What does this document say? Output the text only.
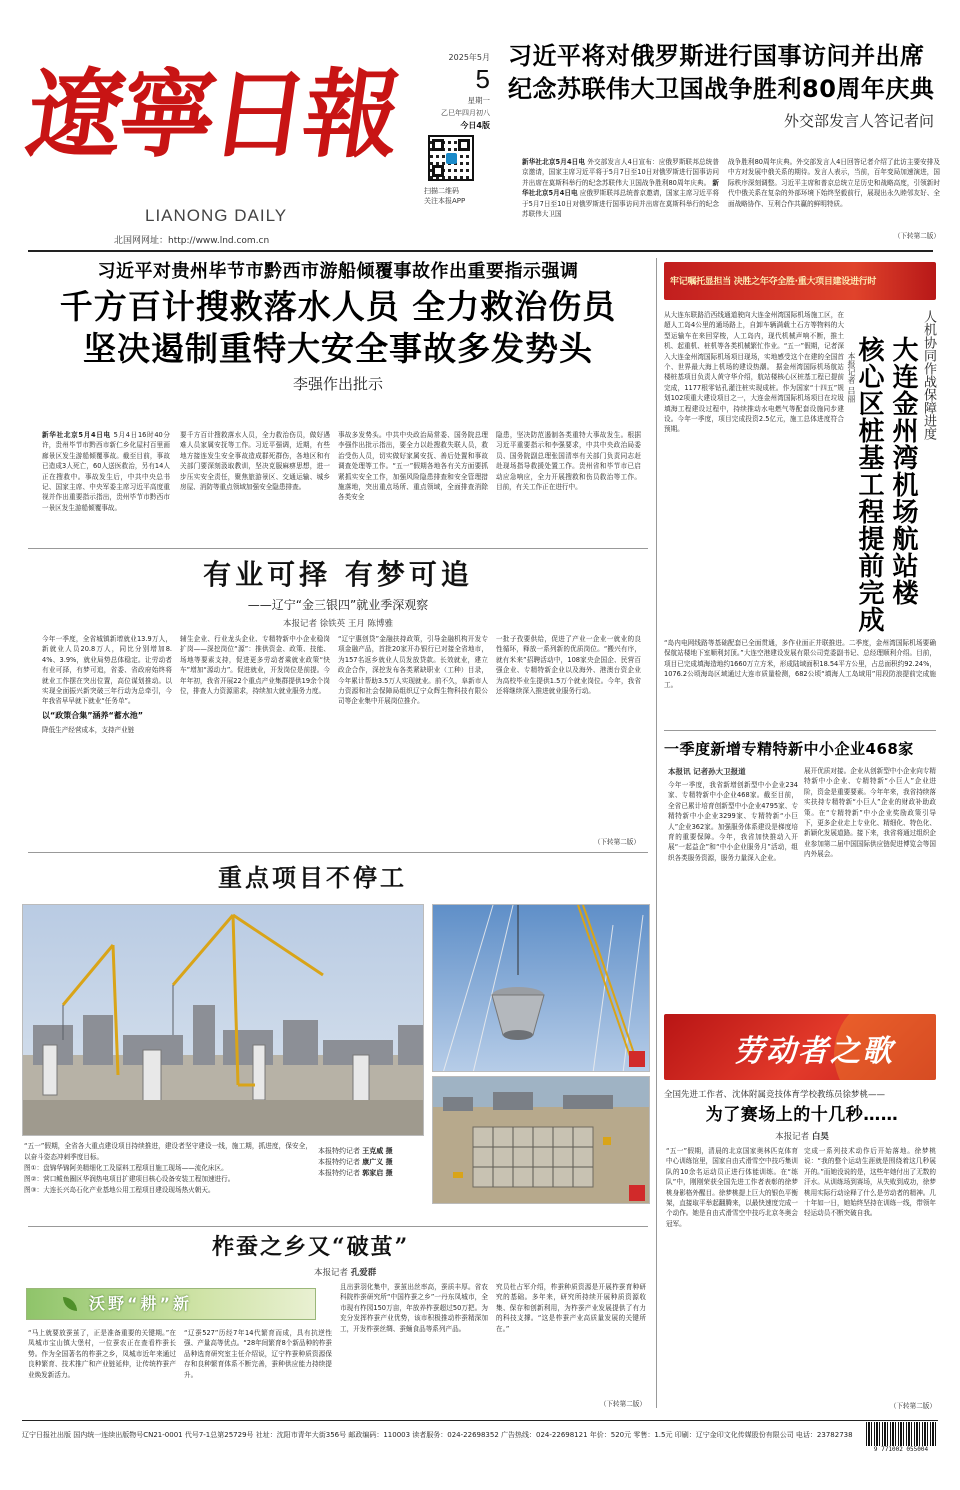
遼寧日報
LIANONG DAILY
北国网网址：http://www.lnd.com.cn
2025年5月
5
星期一
乙巳年四月初八
今日4版
扫描二维码
关注本报APP
习近平将对俄罗斯进行国事访问并出席
纪念苏联伟大卫国战争胜利80周年庆典
外交部发言人答记者问
新华社北京5月4日电 外交部发言人4日宣布：应俄罗斯联邦总统普京邀请，国家主席习近平将于5月7日至10日对俄罗斯进行国事访问并出席在莫斯科举行的纪念苏联伟大卫国战争胜利80周年庆典。 新华社北京5月4日电 应俄罗斯联邦总统普京邀请，国家主席习近平将于5月7日至10日对俄罗斯进行国事访问并出席在莫斯科举行的纪念苏联伟大卫国
战争胜利80周年庆典。外交部发言人4日回答记者介绍了此访主要安排及中方对发展中俄关系的期待。发言人表示，当前，百年变局加速演进，国际秩序深刻调整。习近平主席和普京总统立足历史和战略高度，引领新时代中俄关系在复杂的外部环境下始终坚毅前行，展现出永久睦邻友好、全面战略协作、互利合作共赢的鲜明特质。
（下转第二版）
习近平对贵州毕节市黔西市游船倾覆事故作出重要指示强调
千方百计搜救落水人员 全力救治伤员
坚决遏制重特大安全事故多发势头
李强作出批示
新华社北京5月4日电 5月4日16时40分许，贵州毕节市黔西市新仁乡化屋村百里画廊景区发生游船倾覆事故。截至目前，事故已造成3人死亡，60人送医救治，另有14人正在搜救中。事故发生后，中共中央总书记、国家主席、中央军委主席习近平高度重视并作出重要指示指出，贵州毕节市黔西市一景区发生游船倾覆事故。
要千方百计搜救落水人员，全力救治伤员，做好遇难人员家属安抚等工作。习近平强调，近期，有些地方接连发生安全事故造成群死群伤，各地区和有关部门要深刻汲取教训，坚决克服麻痹思想，进一步压实安全责任，聚焦旅游景区、交通运输、城乡房屋、消防等重点领域加强安全隐患排查。
事故多发势头。中共中央政治局常委、国务院总理李强作出批示指出，要全力以赴搜救失联人员，救治受伤人员，切实做好家属安抚、善后处置和事故调查处理等工作。“五一”假期各地各有关方面要抓紧抓实安全工作，加强风险隐患排查和安全管理措施落地，突出重点场所、重点领域，全面排查消除各类安全
隐患，坚决防范遏制各类重特大事故发生。根据习近平重要指示和李强要求，中共中央政治局委员、国务院副总理张国清率有关部门负责同志赶赴现场指导救援处置工作。贵州省和毕节市已启动应急响应，全力开展搜救和伤员救治等工作。目前，有关工作正在进行中。
有业可择 有梦可追
——辽宁“金三银四”就业季深观察
本报记者 徐铁英 王月 陈博雅
今年一季度，全省城镇新增就业13.9万人，新就业人员20.8万人，同比分别增加8.4%、3.9%，就业局势总体稳定。让劳动者有业可择，有梦可追，省委、省政府始终将就业工作摆在突出位置，高位谋划推动。以实现全面振兴新突破三年行动为总牵引，今年我省早早就下就业“任务单”。
以“政策合集”涵养“蓄水池”
降低生产经营成本，支持产业链
辅生企业、行业龙头企业、专精特新中小企业稳岗扩岗——深挖岗位“源”：推供资金、政策、技能、场地等要素支持，促进更多劳动者乘就业政策“快车”增加“源动力”。促进就业，开发岗位是前提。今年年初，我省开展22个重点产业集群提供19余个岗位，排查人力资源需求，持续加大就业服务力度。
“辽宁惠创贷”金融扶持政策，引导金融机构开发专项金融产品，首批20家开办银行已对接全省地市，为157名返乡就业人员发放贷款。长效就业，建立政企合作，深挖发布各类紧缺职业（工种）目录，今年累计帮助3.5万人实现就业。前不久，阜新市人力资源和社会保障局组织辽宁众辉生物科技有限公司等企业集中开展岗位推介。
一批子孜要供给，促进了产业一企业一就业的良性循环，释放一系列新的优质岗位。“搬兴有序，就有米来”招聘活动中，108家央企国企、民营百强企业、专精特新企业以及海外、港澳台资企业为高校毕业生提供1.5万个就业岗位。今年，我省还将继续深入推进就业服务行动。
（下转第二版）
重点项目不停工
“五一”假期，全省各大重点建设项目持续推进，建设者坚守建设一线，施工期，抓进度，保安全，以奋斗姿态冲刺季度目标。
图①：盘锦华锦阿美精细化工及原料工程项目施工现场——流化床区。
图②：营口鲅鱼圈区华润热电项目扩建项目核心设备安装工程加速进行。
图③：大连长兴岛石化产业基地公用工程项目建设现场热火朝天。
本报特约记者 王克威 摄
本报特约记者 康广义 摄
本报特约记者 郭家启 摄
柞蚕之乡又“破茧”
本报记者 孔爱群
沃野“耕”新
“马上就要放蚕茧了，正是准备重要的关键期。”在凤城市宝山镇大堡村，一位蚕农正在查看柞蚕长势。作为全国著名的柞蚕之乡，凤城市近年来通过良种繁育、技术推广和产业链延伸，让传统柞蚕产业焕发新活力。
“辽蚕527”历经7年14代繁育而成，具有抗逆性强、产量高等优点。“28年间繁育8个新品种的柞蚕品种选育研究室主任介绍说，辽宁柞蚕种质资源保存和良种繁育体系不断完善，蚕种供应能力持续提升。
且出蚕羽化集中，蚕茧出丝率高，蚕质丰厚。省农科院柞蚕研究所“中国柞蚕之乡”一丹东凤城市，全市现有柞园150万亩，年放养柞蚕超过50万把。为充分发挥柞蚕产业优势，该市积极推动柞蚕精深加工，开发柞蚕丝绸、蚕蛹食品等系列产品。
究员杜占军介绍，柞蚕种质资源是开展柞蚕育种研究的基础。多年来，研究所持续开展种质资源收集、保存和创新利用，为柞蚕产业发展提供了有力的科技支撑。“这是柞蚕产业高质量发展的关键所在。”
（下转第二版）
牢记嘱托显担当 决胜之年夺全胜·重大项目建设进行时
从大连东联路沿西线通道驶向大连金州湾国际机场施工区，在超人工岛4公里的通场路上，自卸车辆满载土石方等物料的大型运输车在来回穿梭，人工岛内，现代机械声响不断，推土机、起重机、桩机等各类机械繁忙作业。“五一”假期，记者深入大连金州湾国际机场项目现场，实地感受这个在建的全国首个、世界最大海上机场的建设热潮。 据金州湾国际机场航站楼桩基项目负责人黄守华介绍，航站楼核心区桩基工程已提前完成，1177根零钻孔灌注桩实现成桩。作为国家“十四五”规划102项重大建设项目之一，大连金州湾国际机场项目在垃圾填海工程建设过程中，持续推动水电燃气等配套设施同步建设。今年一季度，项目完成投资2.5亿元，施工总体进度符合预期。	人机协同作战保障进度
大连金州湾机场航站楼
核心区桩基工程提前完成
本报记者 吕丽
“岛内电网线路等基础配套已全面贯通，多作业面正并联推进。二季度，金州湾国际机场要确保航站楼地下室顺利封顶。”大连空港建设发展有限公司党委副书记、总经理顺利介绍。目前，项目已完成填海造地约1660万立方米，形成陆域面积18.54平方公里，占总面积约92.24%，1076.2公顷海岛区域通过大连市质量检测，682公顷“填海人工岛域用”用段防浪提前完成施工。
一季度新增专精特新中小企业468家
本报讯 记者孙大卫报道
今年一季度，我省新增创新型中小企业234家、专精特新中小企业468家。截至目前，全省已累计培育创新型中小企业4795家、专精特新中小企业3299家、专精特新“小巨人”企业362家。加强服务体系建设是梯度培育的重要保障。今年，我省加快推动入开展“一起益企”和“中小企业服务月”活动，组织各类服务资源，服务力量深入企业。
展开优质对接。企业从创新型中小企业向专精特新中小企业、专精特新“小巨人”企业进阶，资金是重要要素。今年年来，我省持续落实扶持专精特新“小巨人”企业的财政补助政策。在“专精特新”中小企业奖励政策引导下，更多企业走上专业化、精细化、特色化、新颖化发展道路。接下来，我省将通过组织企业参加第二届中国国际供应链促进博览会等国内外展会。
劳动者之歌
全国先进工作者、沈体附属竞技体育学校教练员徐梦桃——
为了赛场上的十几秒……
本报记者 白昊
“五一”假期，清晨的北京国家奥林匹克体育中心训练馆里，国家自由式滑雪空中技巧集训队的10余名运动员正进行体能训练。在“练队”中，刚刚荣获全国先进工作者表彰的徐梦桃身影格外醒目。徐梦桃提上巨大的银色平衡架，直接取平举起翻腾来，以最快速度完成一个动作。她是自由式滑雪空中技巧北京冬奥会冠军。
完成一系列技术动作后开始落地。徐梦桃说：“我的整个运动生涯就是围绕着这几秒展开的。”而她没说的是，这些年她付出了无数的汗水。从训练场到赛场，从失败到成功，徐梦桃用实际行动诠释了什么是劳动者的精神。几十年如一日，她始终坚持在训练一线，带领年轻运动员不断突破自我。
（下转第二版）
辽宁日报社出版 国内统一连续出版物号CN21-0001 代号7-1总第25729号 社址：沈阳市青年大街356号 邮政编码：110003 读者服务：024-22698352 广告热线：024-22698121 年价：520元 零售：1.5元 印刷：辽宁金印文化传媒股份有限公司 电话：23782738
9 771002 055004
